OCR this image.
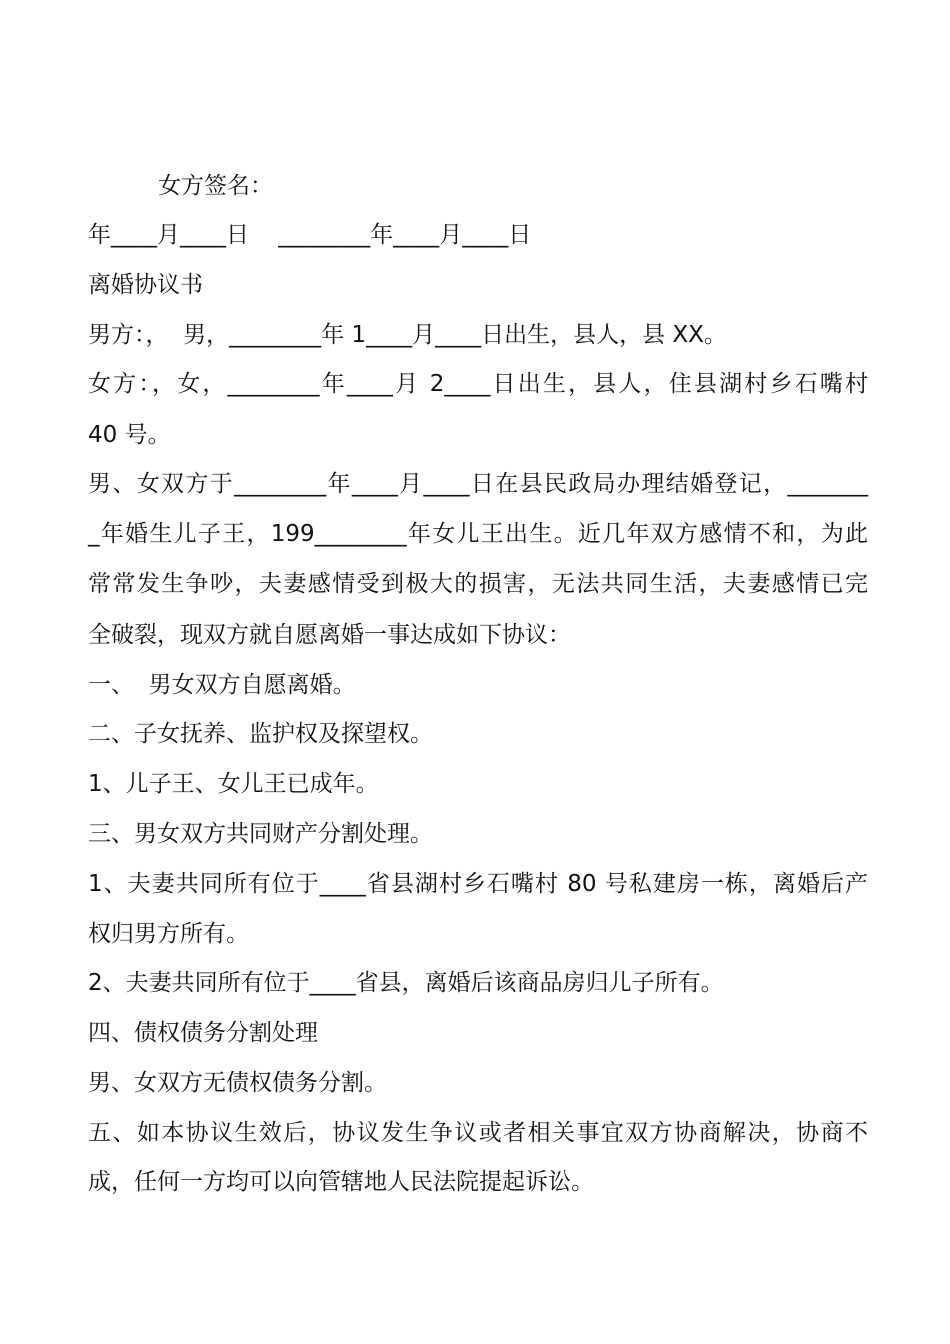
女方签名：
年____月____日    ________年____月____日
离婚协议书
男方：，  男，________年 1____月____日出生，县人，县 XX。
女方：，女，________年____月 2____日出生，县人，住县湖村乡石嘴村
40 号。
男、女双方于________年____月____日在县民政局办理结婚登记，_______
_年婚生儿子王，199________年女儿王出生。近几年双方感情不和，为此
常常发生争吵，夫妻感情受到极大的损害，无法共同生活，夫妻感情已完
全破裂，现双方就自愿离婚一事达成如下协议：
一、  男女双方自愿离婚。
二、子女抚养、监护权及探望权。
1、儿子王、女儿王已成年。
三、男女双方共同财产分割处理。
1、夫妻共同所有位于____省县湖村乡石嘴村 80 号私建房一栋，离婚后产
权归男方所有。
2、夫妻共同所有位于____省县，离婚后该商品房归儿子所有。
四、债权债务分割处理
男、女双方无债权债务分割。
五、如本协议生效后，协议发生争议或者相关事宜双方协商解决，协商不
成，任何一方均可以向管辖地人民法院提起诉讼。
